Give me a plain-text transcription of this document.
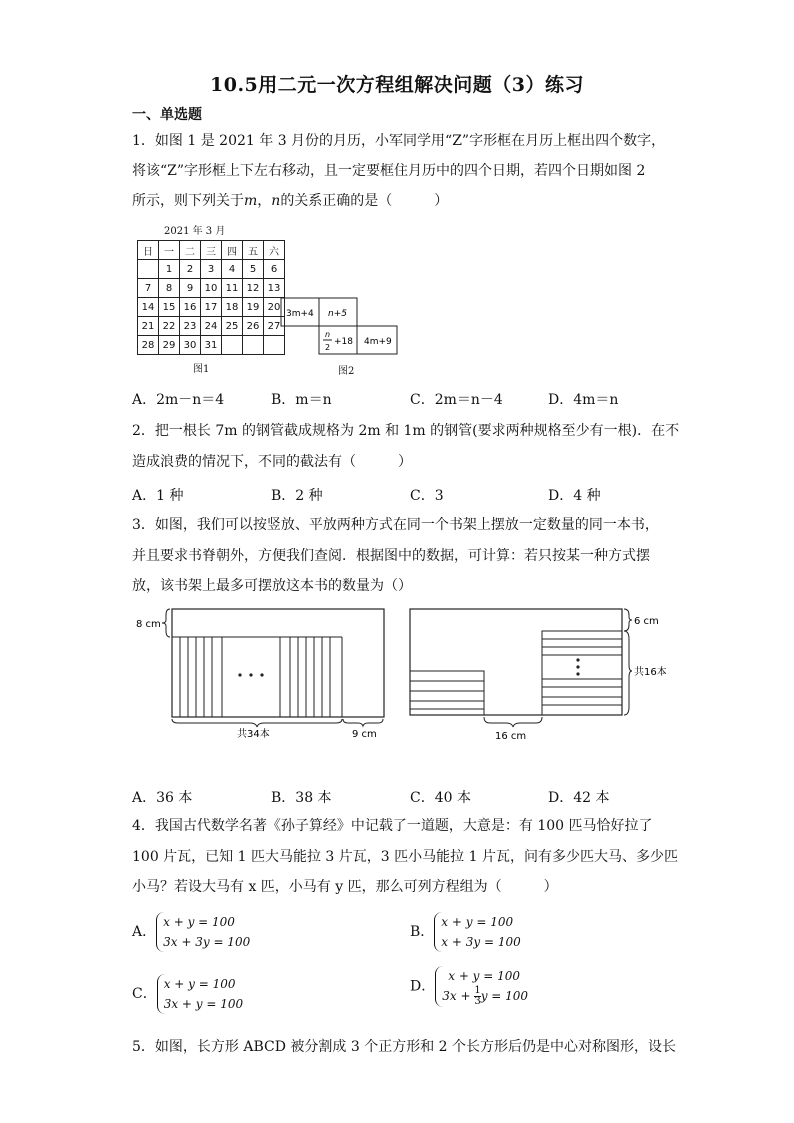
10.5用二元一次方程组解决问题（3）练习
一、单选题
1．如图 1 是 2021 年 3 月份的月历，小军同学用“Z”字形框在月历上框出四个数字，
将该“Z”字形框上下左右移动，且一定要框住月历中的四个日期，若四个日期如图 2
所示，则下列关于m，n的关系正确的是（　　　）
2021 年 3 月
日	一	二	三	四	五	六
	1	2	3	4	5	6
7	8	9	10	11	12	13
14	15	16	17	18	19	20
21	22	23	24	25	26	27
28	29	30	31			
图1
3m+4 n+5
n
2
+18 4m+9
图2
A．2m－n＝4	B．m＝n	C．2m＝n－4	D．4m＝n
2．把一根长 7m 的钢管截成规格为 2m 和 1m 的钢管(要求两种规格至少有一根)．在不
造成浪费的情况下，不同的截法有（　　　）
A．1 种	B．2 种	C．3	D．4 种
3．如图，我们可以按竖放、平放两种方式在同一个书架上摆放一定数量的同一本书，
并且要求书脊朝外，方便我们查阅．根据图中的数据，可计算：若只按某一种方式摆
放，该书架上最多可摆放这本书的数量为（）
8 cm
共34本	9 cm
6 cm
共16本
16 cm
A．36 本	B．38 本	C．40 本	D．42 本
4．我国古代数学名著《孙子算经》中记载了一道题，大意是：有 100 匹马恰好拉了
100 片瓦，已知 1 匹大马能拉 3 片瓦，3 匹小马能拉 1 片瓦，问有多少匹大马、多少匹
小马？若设大马有 x 匹，小马有 y 匹，那么可列方程组为（　　　）
A．
x + y = 100
3x + 3y = 100
B．
x + y = 100
x + 3y = 100
C．
x + y = 100
3x + y = 100
D．
x + y = 100
$3x + \frac{1}{3}$ y = 100
5．如图，长方形 ABCD 被分割成 3 个正方形和 2 个长方形后仍是中心对称图形，设长
